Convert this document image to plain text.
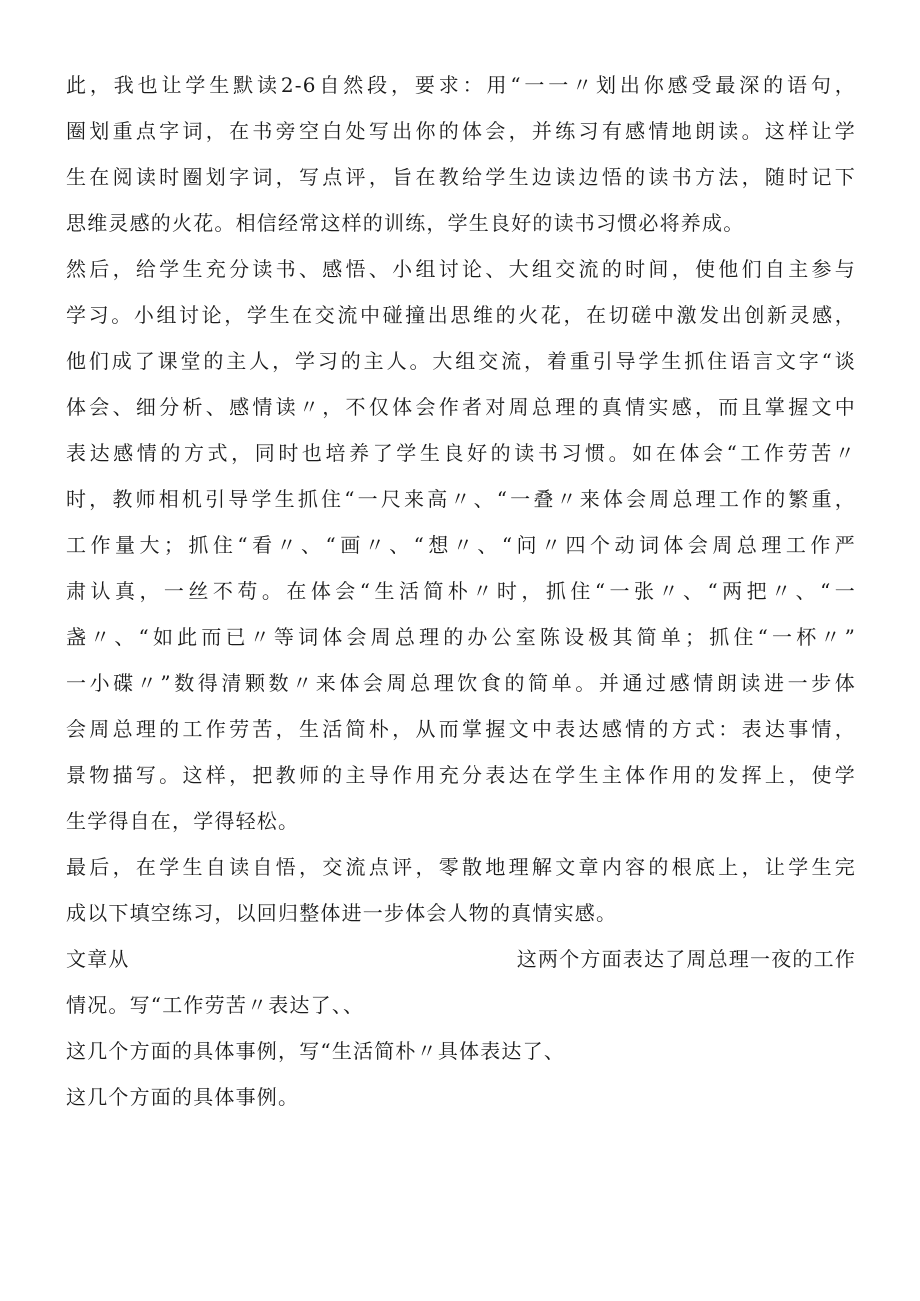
此，我也让学生默读2-6自然段，要求：用“一一〃划出你感受最深的语句，
圈划重点字词，在书旁空白处写出你的体会，并练习有感情地朗读。这样让学
生在阅读时圈划字词，写点评，旨在教给学生边读边悟的读书方法，随时记下
思维灵感的火花。相信经常这样的训练，学生良好的读书习惯必将养成。
然后，给学生充分读书、感悟、小组讨论、大组交流的时间，使他们自主参与
学习。小组讨论，学生在交流中碰撞出思维的火花，在切磋中激发出创新灵感，
他们成了课堂的主人，学习的主人。大组交流，着重引导学生抓住语言文字“谈
体会、细分析、感情读〃，不仅体会作者对周总理的真情实感，而且掌握文中
表达感情的方式，同时也培养了学生良好的读书习惯。如在体会“工作劳苦〃
时，教师相机引导学生抓住“一尺来高〃、“一叠〃来体会周总理工作的繁重，
工作量大；抓住“看〃、“画〃、“想〃、“问〃四个动词体会周总理工作严
肃认真，一丝不苟。在体会“生活简朴〃时，抓住“一张〃、“两把〃、“一
盏〃、“如此而已〃等词体会周总理的办公室陈设极其简单；抓住“一杯〃”
一小碟〃”数得清颗数〃来体会周总理饮食的简单。并通过感情朗读进一步体
会周总理的工作劳苦，生活简朴，从而掌握文中表达感情的方式：表达事情，
景物描写。这样，把教师的主导作用充分表达在学生主体作用的发挥上，使学
生学得自在，学得轻松。
最后，在学生自读自悟，交流点评，零散地理解文章内容的根底上，让学生完
成以下填空练习，以回归整体进一步体会人物的真情实感。
文章从	这两个方面表达了周总理一夜的工作
情况。写“工作劳苦〃表达了、、
这几个方面的具体事例，写“生活简朴〃具体表达了、
这几个方面的具体事例。
